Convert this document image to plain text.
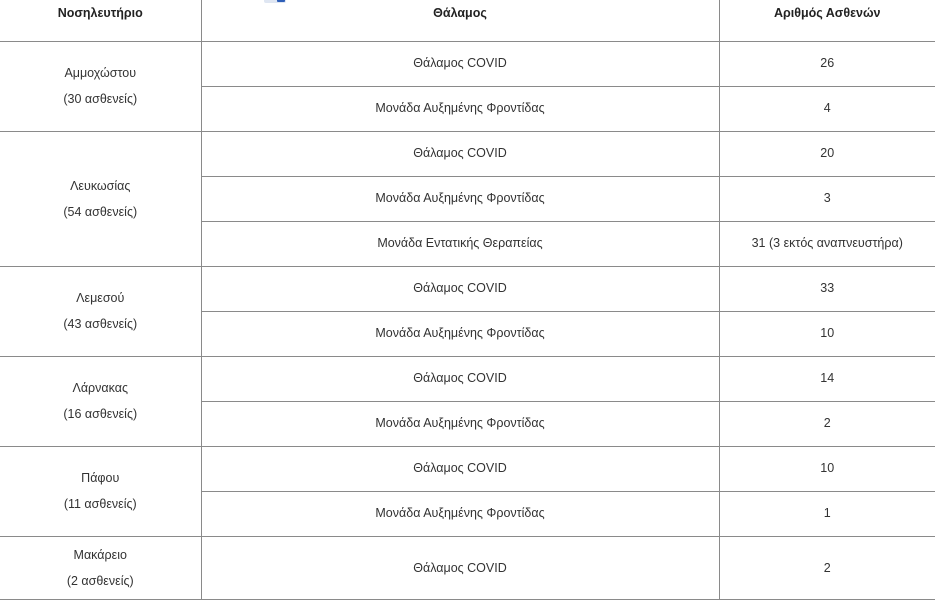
Νοσηλευτήριο	Θάλαμος	Αριθμός Ασθενών

Αμμοχώστου
(30 ασθενείς)	Θάλαμος COVID	26
	Μονάδα Αυξημένης Φροντίδας	4

Λευκωσίας
(54 ασθενείς)	Θάλαμος COVID	20
	Μονάδα Αυξημένης Φροντίδας	3
	Μονάδα Εντατικής Θεραπείας	31 (3 εκτός αναπνευστήρα)

Λεμεσού
(43 ασθενείς)	Θάλαμος COVID	33
	Μονάδα Αυξημένης Φροντίδας	10

Λάρνακας
(16 ασθενείς)	Θάλαμος COVID	14
	Μονάδα Αυξημένης Φροντίδας	2

Πάφου
(11 ασθενείς)	Θάλαμος COVID	10
	Μονάδα Αυξημένης Φροντίδας	1

Μακάρειο
(2 ασθενείς)	Θάλαμος COVID	2
